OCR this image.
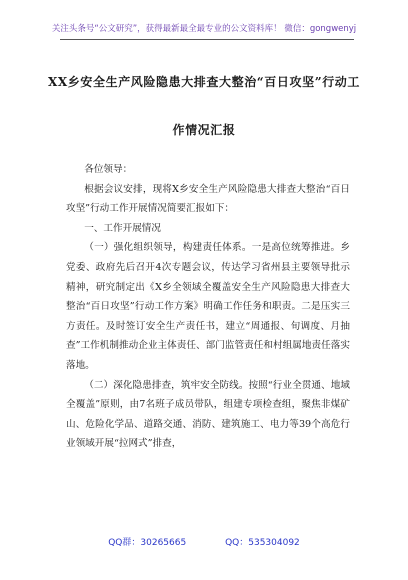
关注头条号“公文研究”，获得最新最全最专业的公文资料库！ 微信：gongwenyj
XX乡安全生产风险隐患大排查大整治“百日攻坚”行动工
作情况汇报

各位领导：

根据会议安排，现将X乡安全生产风险隐患大排查大整治“百日攻坚”行动工作开展情况简要汇报如下：

一、工作开展情况

（一）强化组织领导，构建责任体系。一是高位统筹推进。乡党委、政府先后召开4次专题会议，传达学习省州县主要领导批示精神，研究制定出《X乡全领域全覆盖安全生产风险隐患大排查大整治“百日攻坚”行动工作方案》明确工作任务和职责。二是压实三方责任。及时签订安全生产责任书，建立“周通报、旬调度、月抽查”工作机制推动企业主体责任、部门监管责任和村组属地责任落实落地。

（二）深化隐患排查，筑牢安全防线。按照“行业全贯通、地域全覆盖”原则，由7名班子成员带队，组建专项检查组，聚焦非煤矿山、危险化学品、道路交通、消防、建筑施工、电力等39个高危行业领域开展“拉网式”排查，

QQ群：30265665	QQ：535304092
